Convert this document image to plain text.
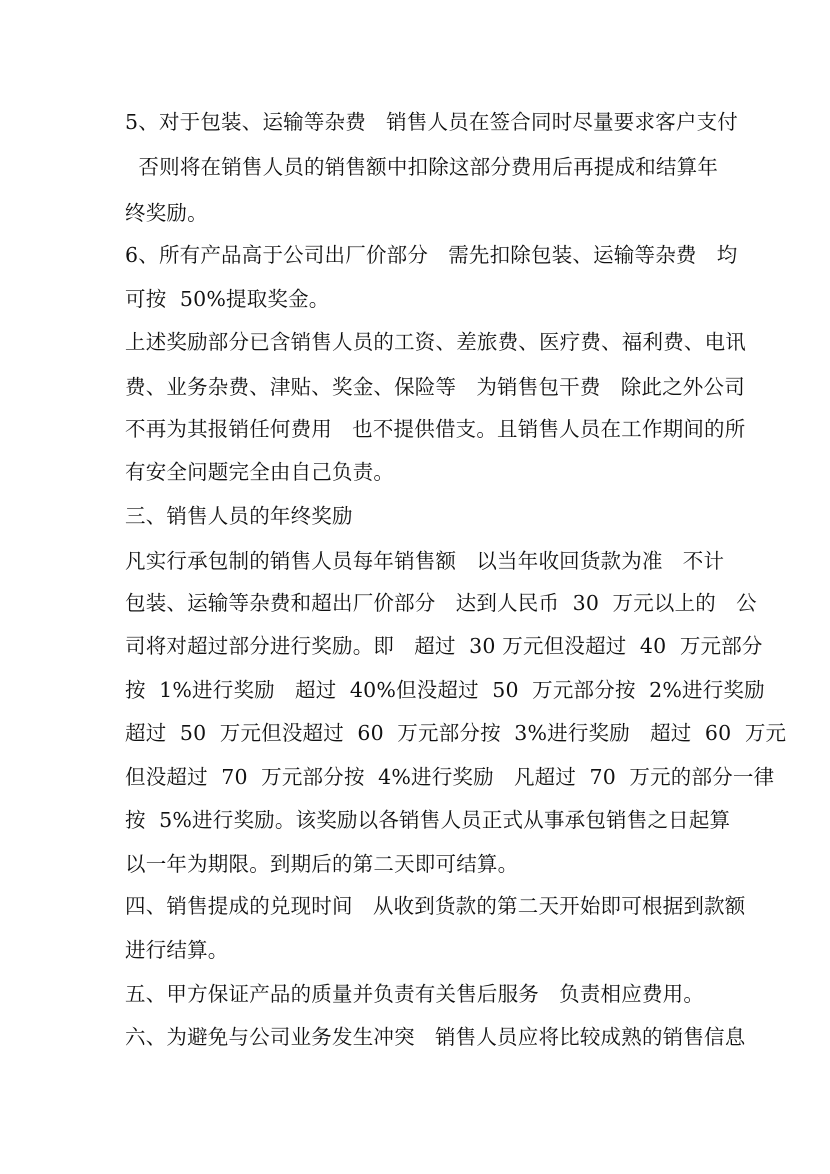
5、对于包装、运输等杂费   销售人员在签合同时尽量要求客户支付
否则将在销售人员的销售额中扣除这部分费用后再提成和结算年
终奖励。
6、所有产品高于公司出厂价部分   需先扣除包装、运输等杂费   均
可按  50%提取奖金。
上述奖励部分已含销售人员的工资、差旅费、医疗费、福利费、电讯
费、业务杂费、津贴、奖金、保险等   为销售包干费   除此之外公司
不再为其报销任何费用   也不提供借支。且销售人员在工作期间的所
有安全问题完全由自己负责。
三、销售人员的年终奖励
凡实行承包制的销售人员每年销售额   以当年收回货款为准   不计
包装、运输等杂费和超出厂价部分   达到人民币  30  万元以上的   公
司将对超过部分进行奖励。即   超过  30 万元但没超过  40  万元部分
按  1%进行奖励   超过  40%但没超过  50  万元部分按  2%进行奖励
超过  50  万元但没超过  60  万元部分按  3%进行奖励   超过  60  万元
但没超过  70  万元部分按  4%进行奖励   凡超过  70  万元的部分一律
按  5%进行奖励。该奖励以各销售人员正式从事承包销售之日起算
以一年为期限。到期后的第二天即可结算。
四、销售提成的兑现时间   从收到货款的第二天开始即可根据到款额
进行结算。
五、甲方保证产品的质量并负责有关售后服务   负责相应费用。
六、为避免与公司业务发生冲突   销售人员应将比较成熟的销售信息
